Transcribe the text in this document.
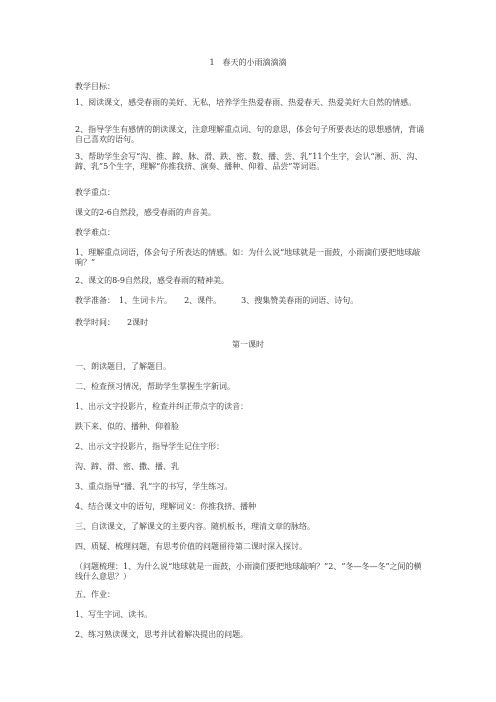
1　春天的小雨滴滴滴
教学目标：
1、阅读课文，感受春雨的美好、无私，培养学生热爱春雨、热爱春天、热爱美好大自然的情感。
2、指导学生有感情的朗读课文，注意理解重点词、句的意思，体会句子所要表达的思想感情，背诵自己喜欢的语句。
3、帮助学生会写“沟、推、蹄、脉、滑、跌、密、数、播、尝、乳”11个生字，会认“淅、沥、沟、蹄、乳”5个生字，理解“你推我挤、演奏、播种、仰着、品尝”等词语。
教学重点：
课文的2-6自然段，感受春雨的声音美。
教学难点：
1、理解重点词语，体会句子所表达的情感。如：为什么说“地球就是一面鼓，小雨滴们要把地球敲响？”
2、课文的8-9自然段，感受春雨的精神美。
教学准备：　1、生词卡片。　　2、课件。　　　3、搜集赞美春雨的词语、诗句。
教学时间：　　2课时
第一课时
一、朗读题目，了解题目。
二、检查预习情况，帮助学生掌握生字新词。
1、出示文字投影片，检查并纠正带点字的读音：
跌下来、似的、播种、仰着脸
2、出示文字投影片，指导学生记住字形：
沟、蹄、滑、密、撒、播、乳
3、重点指导“播、乳”字的书写，学生练习。
4、结合课文中的语句，理解词义：你推我挤、播种
三、自读课文，了解课文的主要内容。随机板书，理清文章的脉络。
四、质疑、梳理问题，有思考价值的问题留待第二课时深入探讨。
（问题梳理：1、为什么说“地球就是一面鼓，小雨滴们要把地球敲响？”2、“冬—冬—冬”之间的横线什么意思？）
五、作业：
1、写生字词、读书。
2、练习熟读课文，思考并试着解决提出的问题。
